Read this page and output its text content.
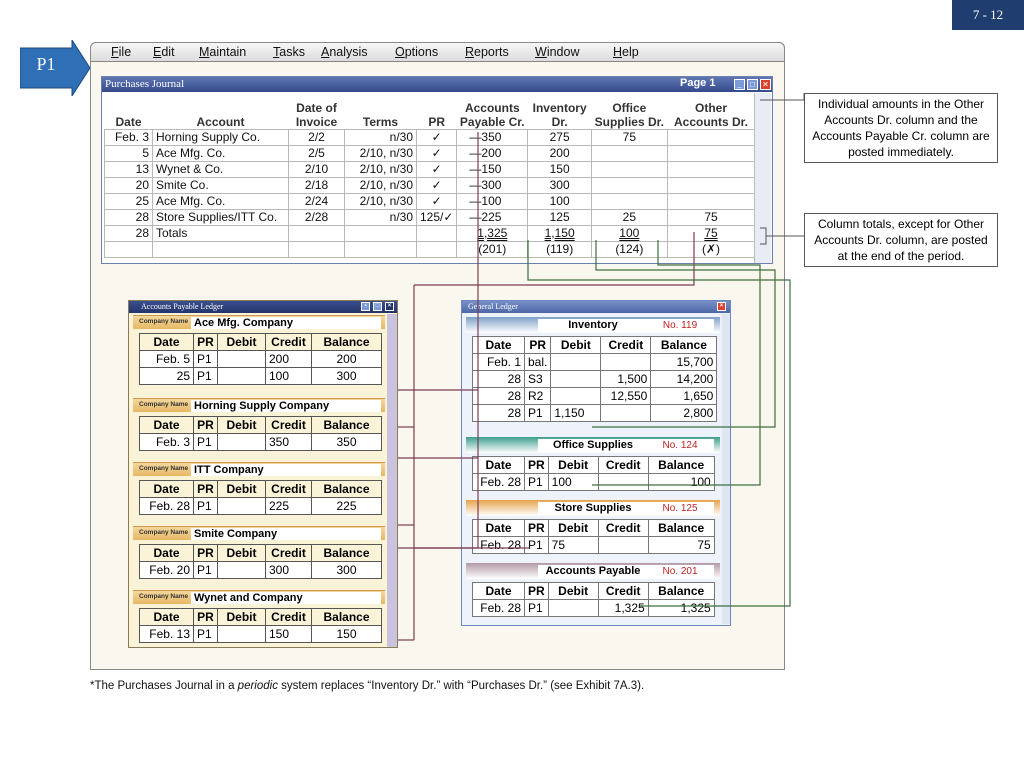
7 - 12
P1
File Edit Maintain Tasks Analysis Options Reports Window	Help
Purchases Journal	Page 1	_	□ ✕
Date	Account	Date of
Invoice	Terms	PR	Accounts
Payable Cr.	Inventory
Dr.	Office
Supplies Dr.	Other
Accounts Dr.
Feb. 3	Horning Supply Co.	2/2	n/30	✓	—350	275	75	
5	Ace Mfg. Co.	2/5	2/10, n/30	✓	—200	200		
13	Wynet & Co.	2/10	2/10, n/30	✓	—150	150		
20	Smite Co.	2/18	2/10, n/30	✓	—300	300		
25	Ace Mfg. Co.	2/24	2/10, n/30	✓	—100	100		
28	Store Supplies/ITT Co.	2/28	n/30	125/✓	—225	125	25	75
28	Totals				1,325	1,150	100	75
					(201)	(119)	(124)	(✗)
Individual amounts in the Other Accounts Dr. column and the Accounts Payable Cr. column are posted immediately.
Column totals, except for Other Accounts Dr. column, are posted at the end of the period.
Accounts Payable Ledger	▪	□	✕
Company Name Ace Mfg. Company
Date	PR	Debit	Credit	Balance
Feb. 5	P1		200	200
25	P1		100	300
Company Name Horning Supply Company
Date	PR	Debit	Credit	Balance
Feb. 3	P1		350	350
Company Name ITT Company
Date	PR	Debit	Credit	Balance
Feb. 28	P1		225	225
Company Name Smite Company
Date	PR	Debit	Credit	Balance
Feb. 20	P1		300	300
Company Name Wynet and Company
Date	PR	Debit	Credit	Balance
Feb. 13	P1		150	150
General Ledger	✕
Inventory	No. 119
Date	PR	Debit	Credit	Balance
Feb. 1	bal.			15,700
28	S3		1,500	14,200
28	R2		12,550	1,650
28	P1	1,150		2,800
Office Supplies	No. 124
Date	PR	Debit	Credit	Balance
Feb. 28	P1	100		100
Store Supplies	No. 125
Date	PR	Debit	Credit	Balance
Feb. 28	P1	75		75
Accounts Payable	No. 201
Date	PR	Debit	Credit	Balance
Feb. 28	P1		1,325	1,325
*The Purchases Journal in a periodic system replaces “Inventory Dr.” with “Purchases Dr.” (see Exhibit 7A.3).
